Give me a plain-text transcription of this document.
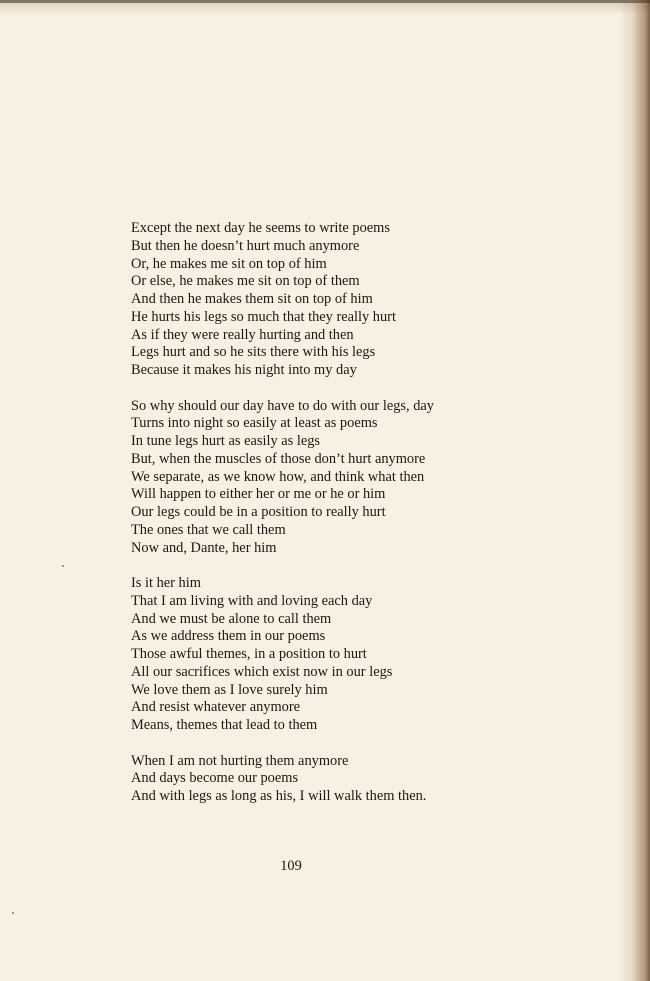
Except the next day he seems to write poems
But then he doesn’t hurt much anymore
Or, he makes me sit on top of him
Or else, he makes me sit on top of them
And then he makes them sit on top of him
He hurts his legs so much that they really hurt
As if they were really hurting and then
Legs hurt and so he sits there with his legs
Because it makes his night into my day
So why should our day have to do with our legs, day
Turns into night so easily at least as poems
In tune legs hurt as easily as legs
But, when the muscles of those don’t hurt anymore
We separate, as we know how, and think what then
Will happen to either her or me or he or him
Our legs could be in a position to really hurt
The ones that we call them
Now and, Dante, her him
Is it her him
That I am living with and loving each day
And we must be alone to call them
As we address them in our poems
Those awful themes, in a position to hurt
All our sacrifices which exist now in our legs
We love them as I love surely him
And resist whatever anymore
Means, themes that lead to them
When I am not hurting them anymore
And days become our poems
And with legs as long as his, I will walk them then.
109
